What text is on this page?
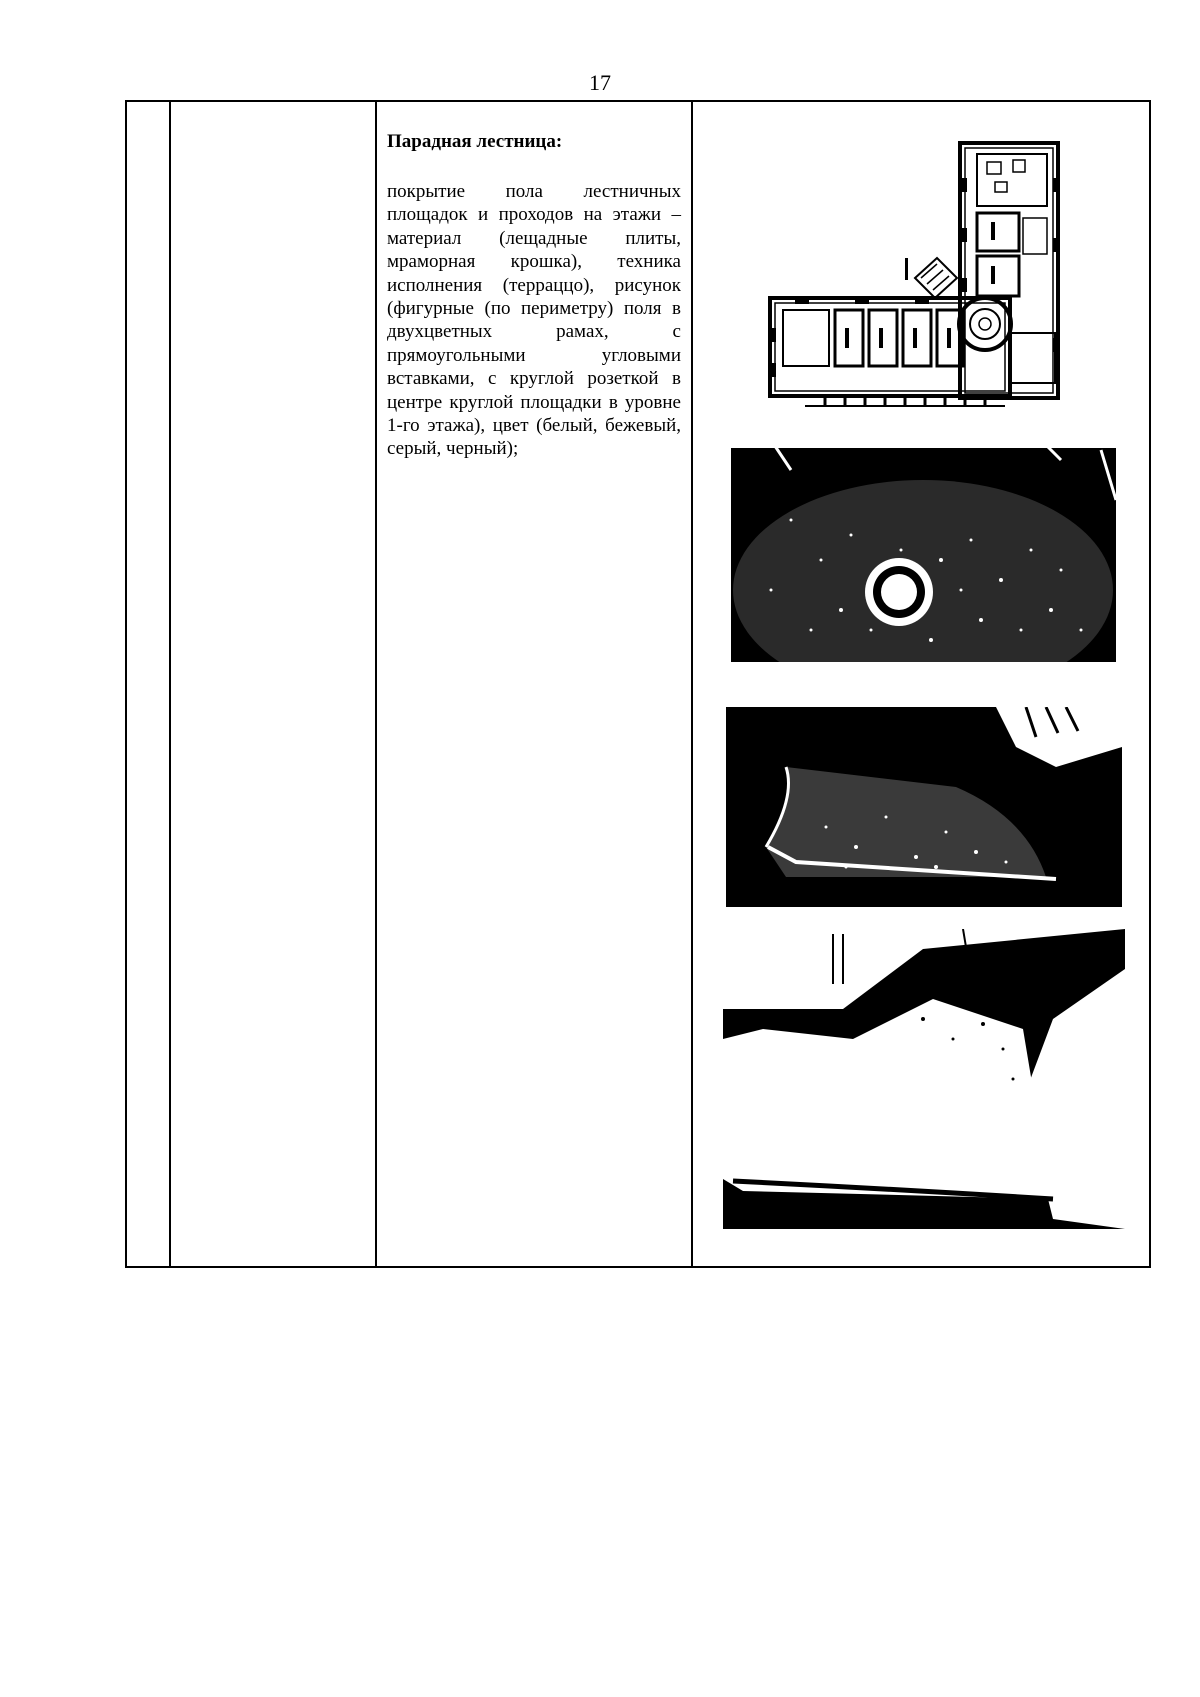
17

Парадная лестница:

покрытие пола лестничных площадок и проходов на этажи – материал (лещадные плиты, мраморная крошка), техника исполнения (терраццо), рисунок (фигурные (по периметру) поля в двухцветных рамах, с прямоугольными угловыми вставками, с круглой розеткой в центре круглой площадки в уровне 1-го этажа), цвет (белый, бежевый, серый, черный);
